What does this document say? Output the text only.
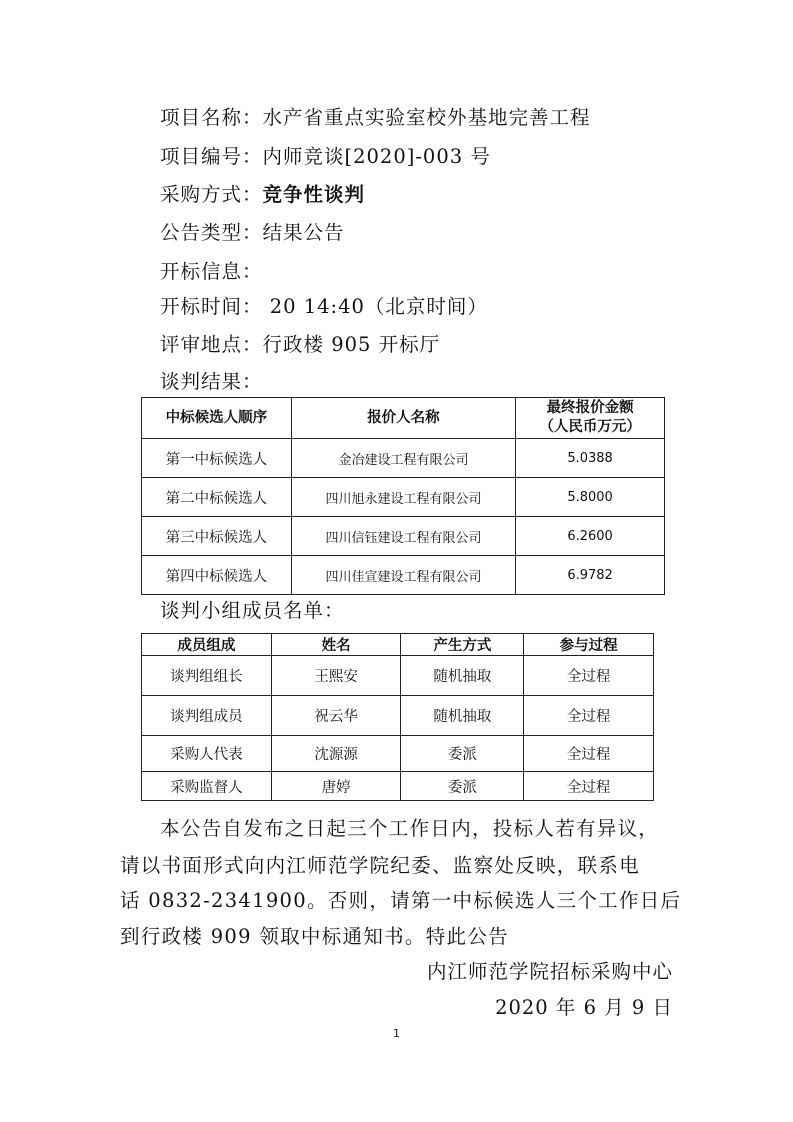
项目名称：水产省重点实验室校外基地完善工程
项目编号：内师竞谈[2020]-003 号
采购方式：竞争性谈判
公告类型：结果公告
开标信息：
开标时间： 20 14:40（北京时间）
评审地点：行政楼 905 开标厅
谈判结果：
中标候选人顺序	报价人名称	最终报价金额
（人民币万元）
第一中标候选人	金冶建设工程有限公司	5.0388
第二中标候选人	四川旭永建设工程有限公司	5.8000
第三中标候选人	四川信钰建设工程有限公司	6.2600
第四中标候选人	四川佳宣建设工程有限公司	6.9782
谈判小组成员名单：
成员组成	姓名	产生方式	参与过程
谈判组组长	王熙安	随机抽取	全过程
谈判组成员	祝云华	随机抽取	全过程
采购人代表	沈源源	委派	全过程
采购监督人	唐婷	委派	全过程
本公告自发布之日起三个工作日内，投标人若有异议，
请以书面形式向内江师范学院纪委、监察处反映，联系电
话 0832-2341900。否则，请第一中标候选人三个工作日后
到行政楼 909 领取中标通知书。特此公告
内江师范学院招标采购中心
2020 年 6 月 9 日
1
